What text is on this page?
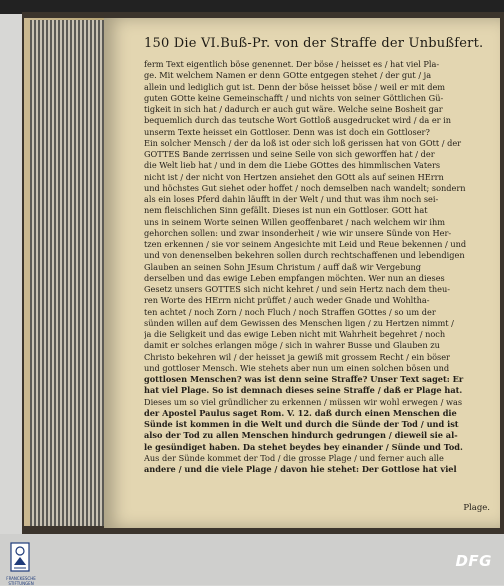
150 Die VI.Buß-Pr. von der Straffe der Unbußfert.
ferm Text eigentlich böse genennet. Der böse / heisset es / hat viel Pla-
ge. Mit welchem Namen er denn GOtte entgegen stehet / der gut / ja
allein und lediglich gut ist. Denn der böse heisset böse / weil er mit dem
guten GOtte keine Gemeinschafft / und nichts von seiner Göttlichen Gü-
tigkeit in sich hat / dadurch er auch gut wäre. Welche seine Bosheit gar
bequemlich durch das teutsche Wort Gottloß ausgedrucket wird / da er in
unserm Texte heisset ein Gottloser. Denn was ist doch ein Gottloser?
Ein solcher Mensch / der da loß ist oder sich loß gerissen hat von GOtt / der
GOTTES Bande zerrissen und seine Seile von sich geworffen hat / der
die Welt lieb hat / und in dem die Liebe GOttes des himmlischen Vaters
nicht ist / der nicht von Hertzen ansiehet den GOtt als auf seinen HErrn
und höchstes Gut siehet oder hoffet / noch demselben nach wandelt; sondern
als ein loses Pferd dahin läufft in der Welt / und thut was ihm noch sei-
nem fleischlichen Sinn gefällt. Dieses ist nun ein Gottloser. GOtt hat
uns in seinem Worte seinen Willen geoffenbaret / nach welchem wir ihm
gehorchen sollen: und zwar insonderheit / wie wir unsere Sünde von Her-
tzen erkennen / sie vor seinem Angesichte mit Leid und Reue bekennen / und
und von denenselben bekehren sollen durch rechtschaffenen und lebendigen
Glauben an seinen Sohn JEsum Christum / auff daß wir Vergebung
derselben und das ewige Leben empfangen möchten. Wer nun an dieses
Gesetz unsers GOTTES sich nicht kehret / und sein Hertz nach dem theu-
ren Worte des HErrn nicht prüffet / auch weder Gnade und Wohltha-
ten achtet / noch Zorn / noch Fluch / noch Straffen GOttes / so um der
sünden willen auf dem Gewissen des Menschen ligen / zu Hertzen nimmt /
ja die Seligkeit und das ewige Leben nicht mit Wahrheit begehret / noch
damit er solches erlangen möge / sich in wahrer Busse und Glauben zu
Christo bekehren wil / der heisset ja gewiß mit grossem Recht / ein böser
und gottloser Mensch. Wie stehets aber nun um einen solchen bösen und
gottlosen Menschen? was ist denn seine Straffe? Unser Text saget: Er
hat viel Plage. So ist demnach dieses seine Straffe / daß er Plage hat.
Dieses um so viel gründlicher zu erkennen / müssen wir wohl erwegen / was
der Apostel Paulus saget Rom. V. 12. daß durch einen Menschen die
Sünde ist kommen in die Welt und durch die Sünde der Tod / und ist
also der Tod zu allen Menschen hindurch gedrungen / dieweil sie al-
le gesündiget haben. Da stehet beydes bey einander / Sünde und Tod.
Aus der Sünde kommet der Tod / die grosse Plage / und ferner auch alle
andere / und die viele Plage / davon hie stehet: Der Gottlose hat viel
Plage.
FRANCKESCHE STIFTUNGEN
DFG
